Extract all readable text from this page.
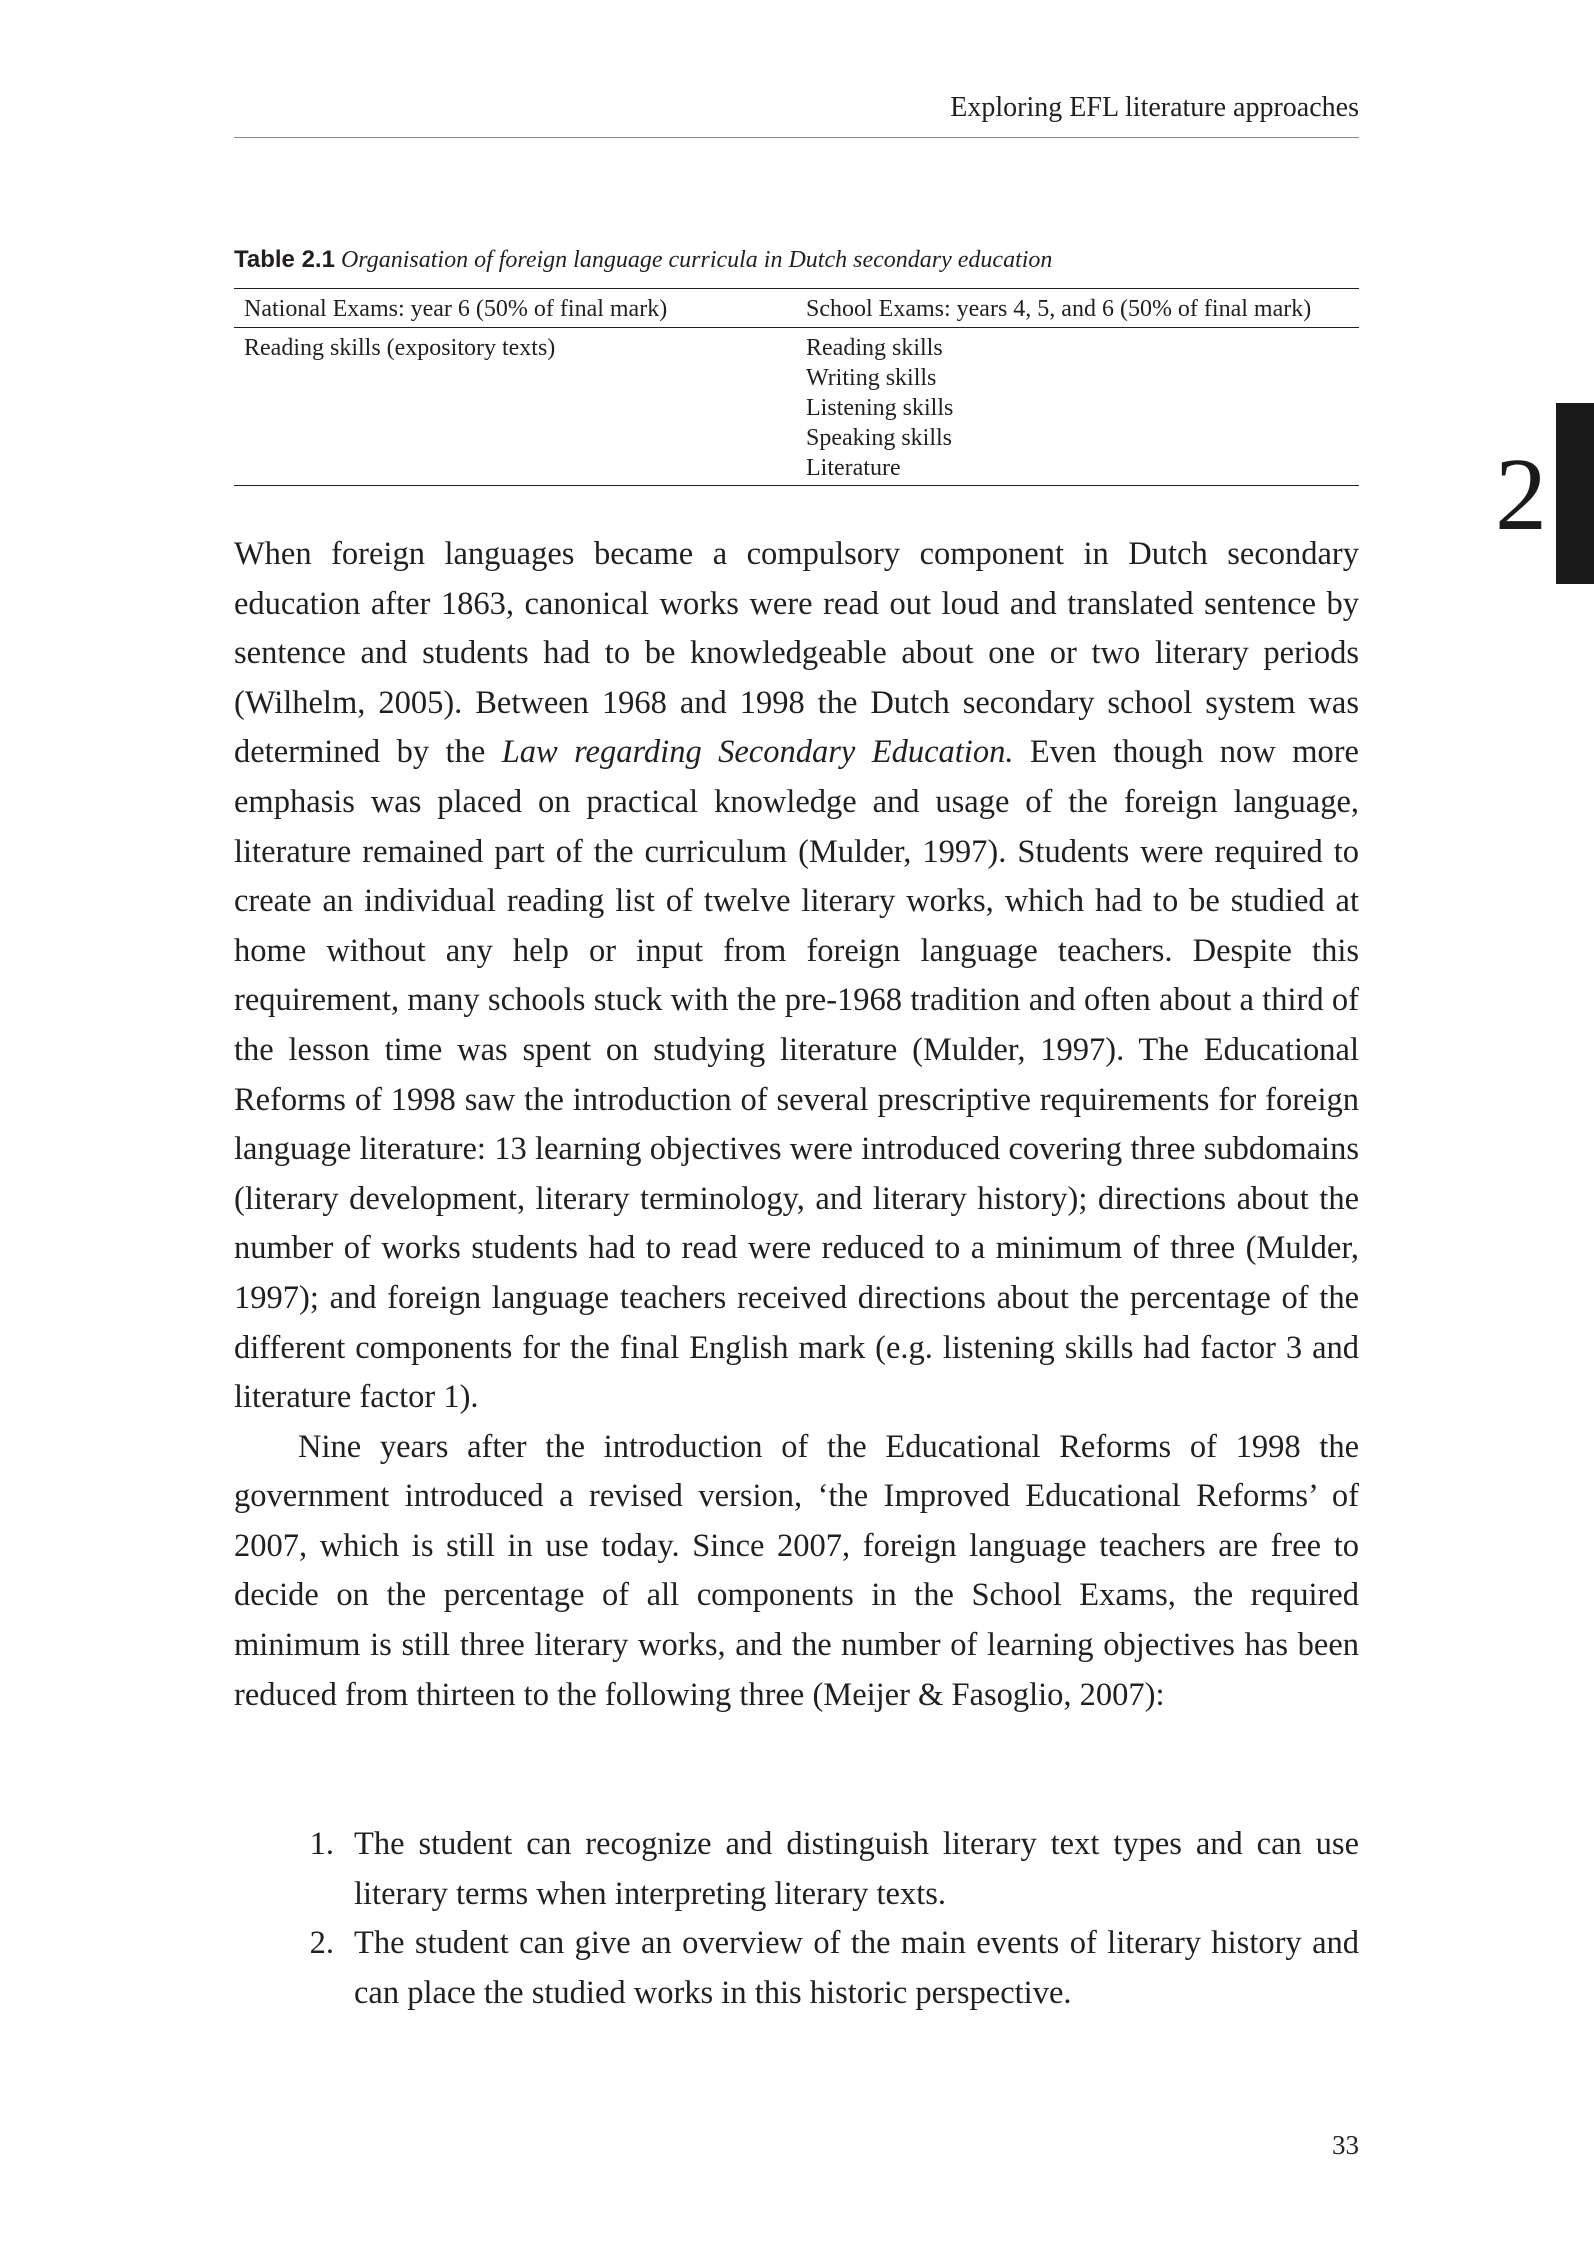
Exploring EFL literature approaches
2
Table 2.1 Organisation of foreign language curricula in Dutch secondary education
National Exams: year 6 (50% of final mark)	School Exams: years 4, 5, and 6 (50% of final mark)
Reading skills (expository texts)	Reading skills
Writing skills
Listening skills
Speaking skills
Literature

When foreign languages became a compulsory component in Dutch secondary education after 1863, canonical works were read out loud and translated sentence by sentence and students had to be knowledgeable about one or two literary periods (Wilhelm, 2005). Between 1968 and 1998 the Dutch secondary school system was determined by the Law regarding Secondary Education. Even though now more emphasis was placed on practical knowledge and usage of the foreign language, literature remained part of the curriculum (Mulder, 1997). Students were required to create an individual reading list of twelve literary works, which had to be studied at home without any help or input from foreign language teachers. Despite this requirement, many schools stuck with the pre-1968 tradition and often about a third of the lesson time was spent on studying literature (Mulder, 1997). The Educational Reforms of 1998 saw the introduction of several prescriptive requirements for foreign language literature: 13 learning objectives were introduced covering three subdomains (literary development, literary terminology, and literary history); directions about the number of works students had to read were reduced to a minimum of three (Mulder, 1997); and foreign language teachers received directions about the percentage of the different components for the final English mark (e.g. listening skills had factor 3 and literature factor 1).

Nine years after the introduction of the Educational Reforms of 1998 the government introduced a revised version, ‘the Improved Educational Reforms’ of 2007, which is still in use today. Since 2007, foreign language teachers are free to decide on the percentage of all components in the School Exams, the required minimum is still three literary works, and the number of learning objectives has been reduced from thirteen to the following three (Meijer & Fasoglio, 2007):

1. The student can recognize and distinguish literary text types and can use literary terms when interpreting literary texts.
2. The student can give an overview of the main events of literary history and can place the studied works in this historic perspective.
33
